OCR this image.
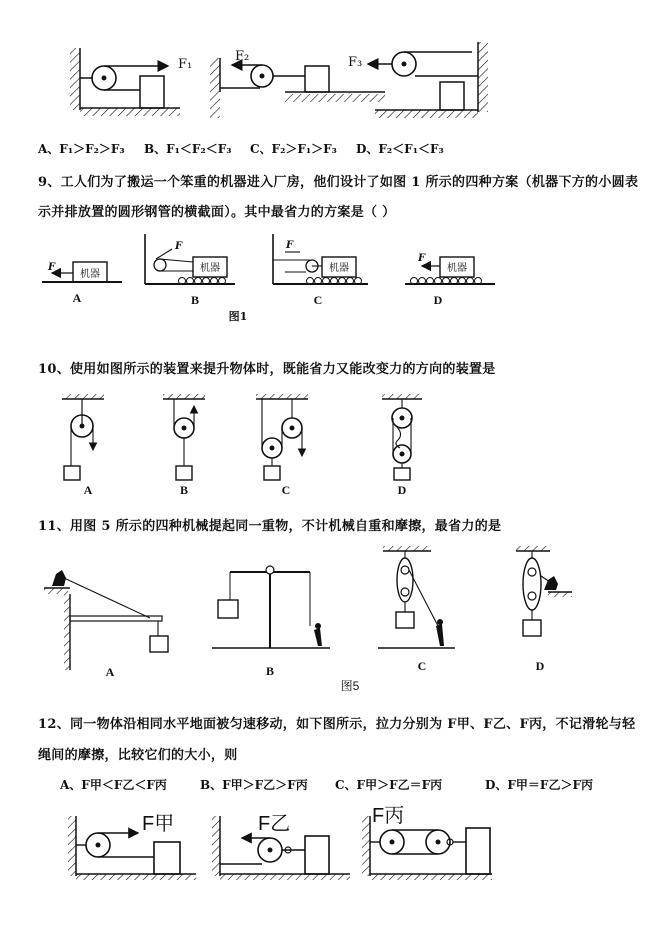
F₁
F₂	F₃
A、F₁＞F₂＞F₃ B、F₁＜F₂＜F₃ C、F₂＞F₁＞F₃ D、F₂＜F₁＜F₃
9、工人们为了搬运一个笨重的机器进入厂房，他们设计了如图 1 所示的四种方案（机器下方的小圆表
示并排放置的圆形钢管的横截面）。其中最省力的方案是（ ）
机器
F
A
机器
F
B
机器
F
C
机器
F
D
图1
10、使用如图所示的装置来提升物体时，既能省力又能改变力的方向的装置是
A	B	C	D
11、用图 5 所示的四种机械提起同一重物，不计机械自重和摩擦，最省力的是
A	B	C	D
图5
12、同一物体沿相同水平地面被匀速移动，如下图所示，拉力分别为 F甲、F乙、F丙，不记滑轮与轻
绳间的摩擦，比较它们的大小，则
A、F甲＜F乙＜F丙	B、F甲＞F乙＞F丙 C、F甲＞F乙＝F丙	D、F甲＝F乙＞F丙
F甲	F乙	F丙
